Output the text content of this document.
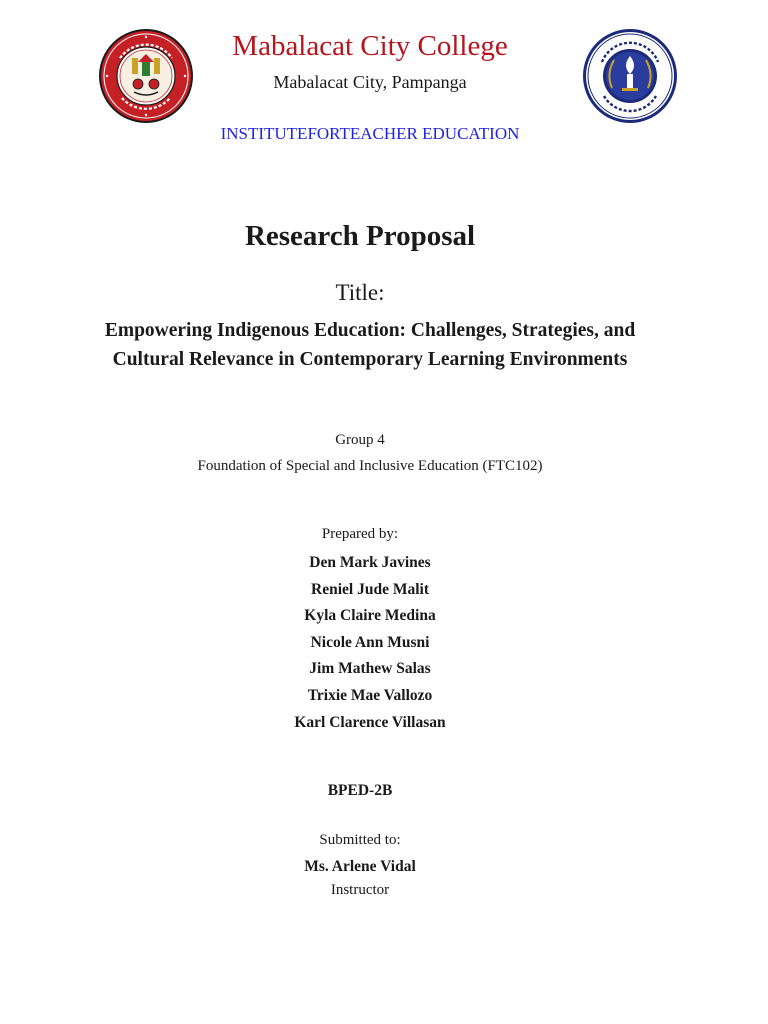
Mabalacat City College
Mabalacat City, Pampanga
INSTITUTEFORTEACHER EDUCATION
Research Proposal
Title:
Empowering Indigenous Education: Challenges, Strategies, and Cultural Relevance in Contemporary Learning Environments
Group 4
Foundation of Special and Inclusive Education (FTC102)
Prepared by:
Den Mark Javines
Reniel Jude Malit
Kyla Claire Medina
Nicole Ann Musni
Jim Mathew Salas
Trixie Mae Vallozo
Karl Clarence Villasan
BPED-2B
Submitted to:
Ms. Arlene Vidal
Instructor
